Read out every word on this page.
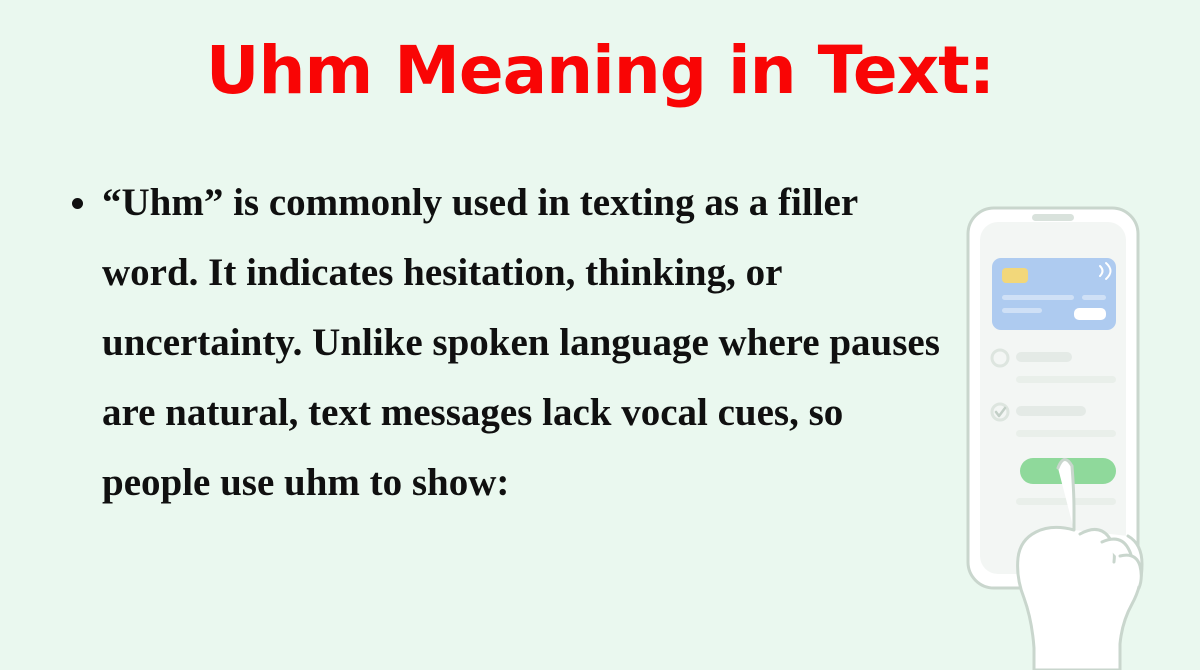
Uhm Meaning in Text:
“Uhm” is commonly used in texting as a filler word. It indicates hesitation, thinking, or uncertainty. Unlike spoken language where pauses are natural, text messages lack vocal cues, so people use uhm to show:
